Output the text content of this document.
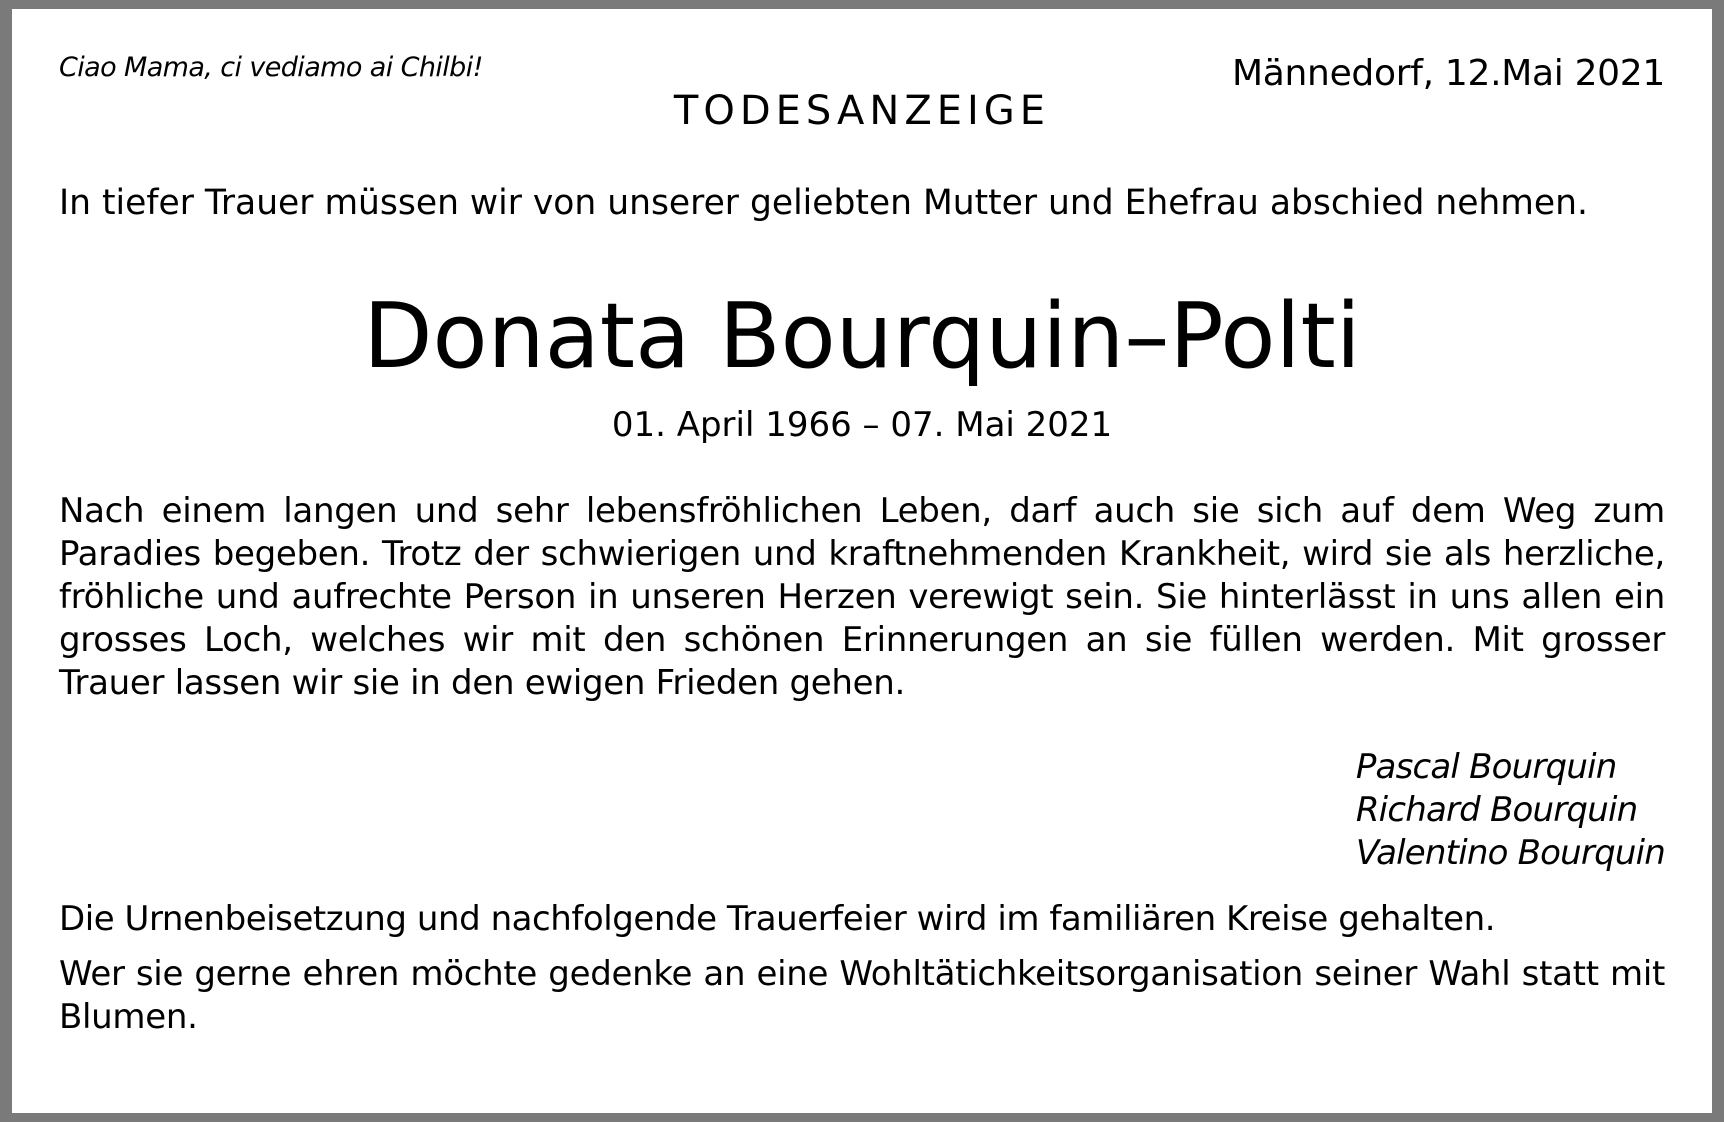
Ciao Mama, ci vediamo ai Chilbi!	Männedorf, 12.Mai 2021
TODESANZEIGE

In tiefer Trauer müssen wir von unserer geliebten Mutter und Ehefrau abschied nehmen.

Donata Bourquin–Polti
01. April 1966 – 07. Mai 2021

Nach einem langen und sehr lebensfröhlichen Leben, darf auch sie sich auf dem Weg zum Paradies begeben. Trotz der schwierigen und kraftnehmenden Krankheit, wird sie als herzliche, fröhliche und aufrechte Person in unseren Herzen verewigt sein. Sie hinterlässt in uns allen ein grosses Loch, welches wir mit den schönen Erinnerungen an sie füllen werden. Mit grosser Trauer lassen wir sie in den ewigen Frieden gehen.

Pascal Bourquin
Richard Bourquin
Valentino Bourquin

Die Urnenbeisetzung und nachfolgende Trauerfeier wird im familiären Kreise gehalten.

Wer sie gerne ehren möchte gedenke an eine Wohltätichkeitsorganisation seiner Wahl statt mit Blumen.
